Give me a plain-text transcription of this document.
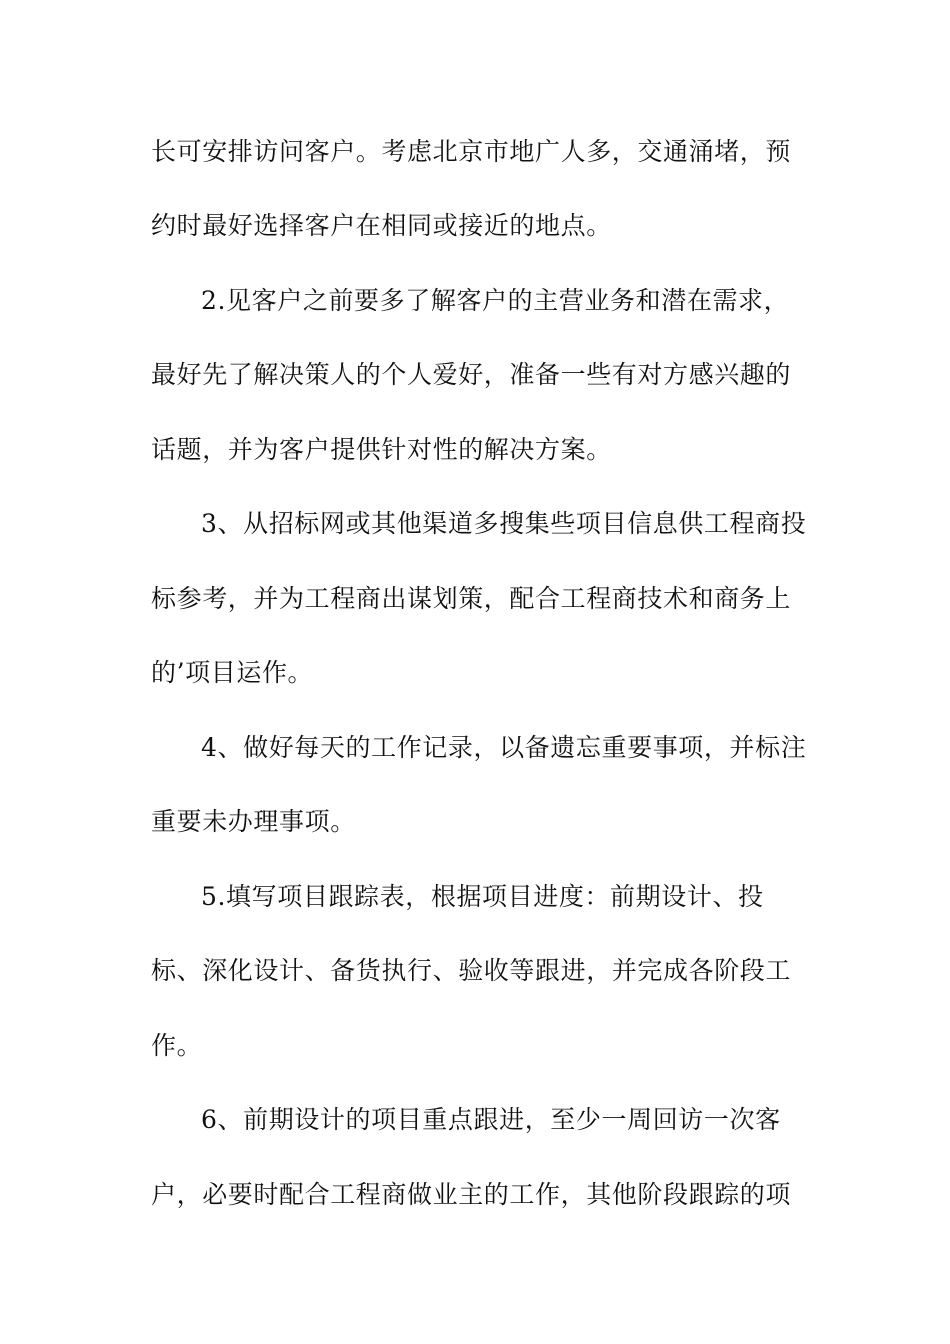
长可安排访问客户。考虑北京市地广人多，交通涌堵，预
约时最好选择客户在相同或接近的地点。
2.见客户之前要多了解客户的主营业务和潜在需求，
最好先了解决策人的个人爱好，准备一些有对方感兴趣的
话题，并为客户提供针对性的解决方案。
3、从招标网或其他渠道多搜集些项目信息供工程商投
标参考，并为工程商出谋划策，配合工程商技术和商务上
的’项目运作。
4、做好每天的工作记录，以备遗忘重要事项，并标注
重要未办理事项。
5.填写项目跟踪表，根据项目进度：前期设计、投
标、深化设计、备货执行、验收等跟进，并完成各阶段工
作。
6、前期设计的项目重点跟进，至少一周回访一次客
户，必要时配合工程商做业主的工作，其他阶段跟踪的项
